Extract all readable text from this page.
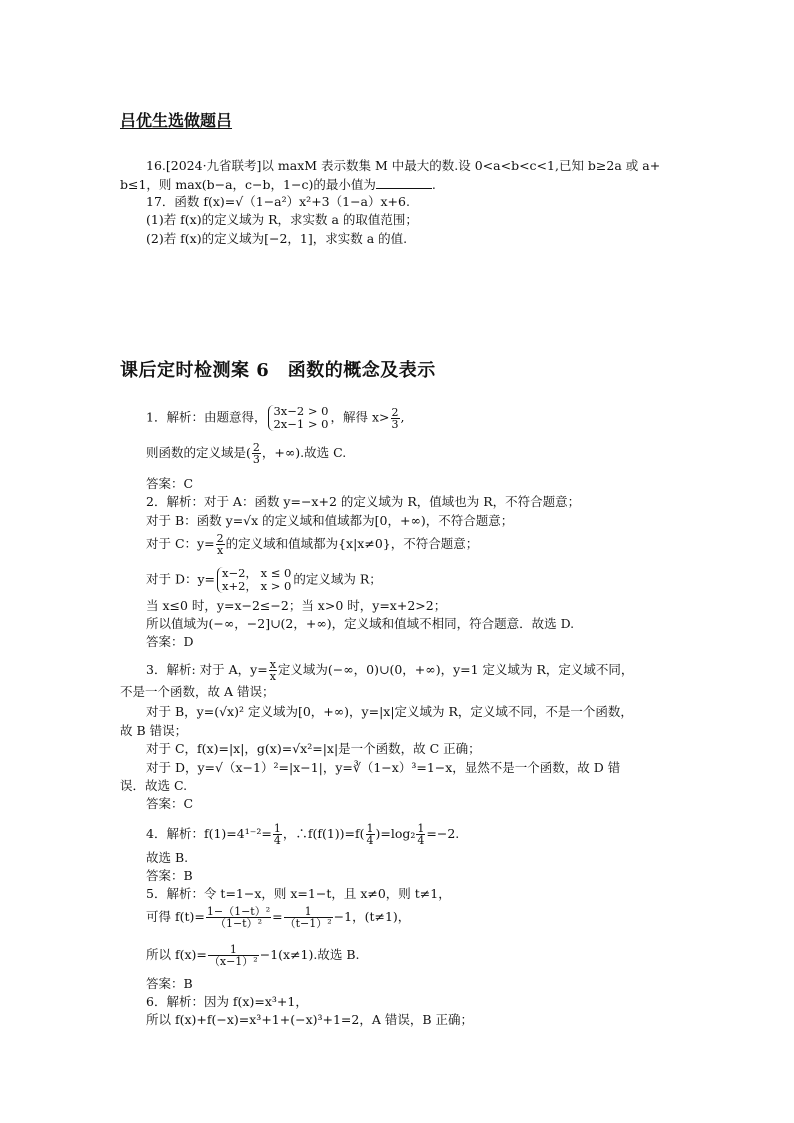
吕优生选做题吕
16.[2024·九省联考]以 maxM 表示数集 M 中最大的数.设 0<a<b<c<1,已知 b≥2a 或 a+
b≤1，则 max(b−a，c−b，1−c)的最小值为	.
17．函数 f(x)=√（1−a²）x²+3（1−a）x+6.
(1)若 f(x)的定义域为 R，求实数 a 的取值范围；
(2)若 f(x)的定义域为[−2，1]，求实数 a 的值.
课后定时检测案 6　函数的概念及表示
1．解析：由题意得， 3x−2 > 0
2x−1 > 0 ，解得 $x> \frac{2}{3}$ ,
则函数的定义域是( $\frac{2}{3}$ ，+∞).故选 C.
答案：C
2．解析：对于 A：函数 y=−x+2 的定义域为 R，值域也为 R，不符合题意；
对于 B：函数 y=√x 的定义域和值域都为[0，+∞)，不符合题意；
对于 C：$y= \frac{2}{x}$ 的定义域和值域都为{x|x≠0}，不符合题意；
对于 D：y= x−2， x ≤ 0
x+2， x > 0 的定义域为 R；
当 x≤0 时，y=x−2≤−2；当 x>0 时，y=x+2>2；
所以值域为(−∞，−2]∪(2，+∞)，定义域和值域不相同，符合题意．故选 D.
答案：D
3．解析: 对于 A，$y= \frac{x}{x}$ 定义域为(−∞，0)∪(0，+∞)，y=1 定义域为 R，定义域不同，
不是一个函数，故 A 错误；
对于 B，y=(√x)² 定义域为[0，+∞)，y=|x|定义域为 R，定义域不同，不是一个函数，
故 B 错误；
对于 C，f(x)=|x|，g(x)=√x²=|x|是一个函数，故 C 正确；
对于 D，y=√（x−1）²=|x−1|，y=∛（1−x）³=1−x，显然不是一个函数，故 D 错
误．故选 C.
答案：C
4．解析：$f(1)=4^{1-2}= \frac{1}{4}$ ，∴f(f(1))=f( $\frac{1}{4} )=\log_2 \frac{1}{4} =-2$.
故选 B.
答案：B
5．解析：令 t=1−x，则 x=1−t，且 x≠0，则 t≠1，
可得 $f(t)= \frac{\text{1−（1−t）²}}{\text{（1−t）²}} = \frac{1}{\text{（t−1）²}} -1$，(t≠1)，
所以 $f(x)= \frac{1}{\text{（x−1）²}} -1(x\ne 1)$.故选 B.
答案：B
6．解析：因为 f(x)=x³+1，
所以 f(x)+f(−x)=x³+1+(−x)³+1=2，A 错误，B 正确；
